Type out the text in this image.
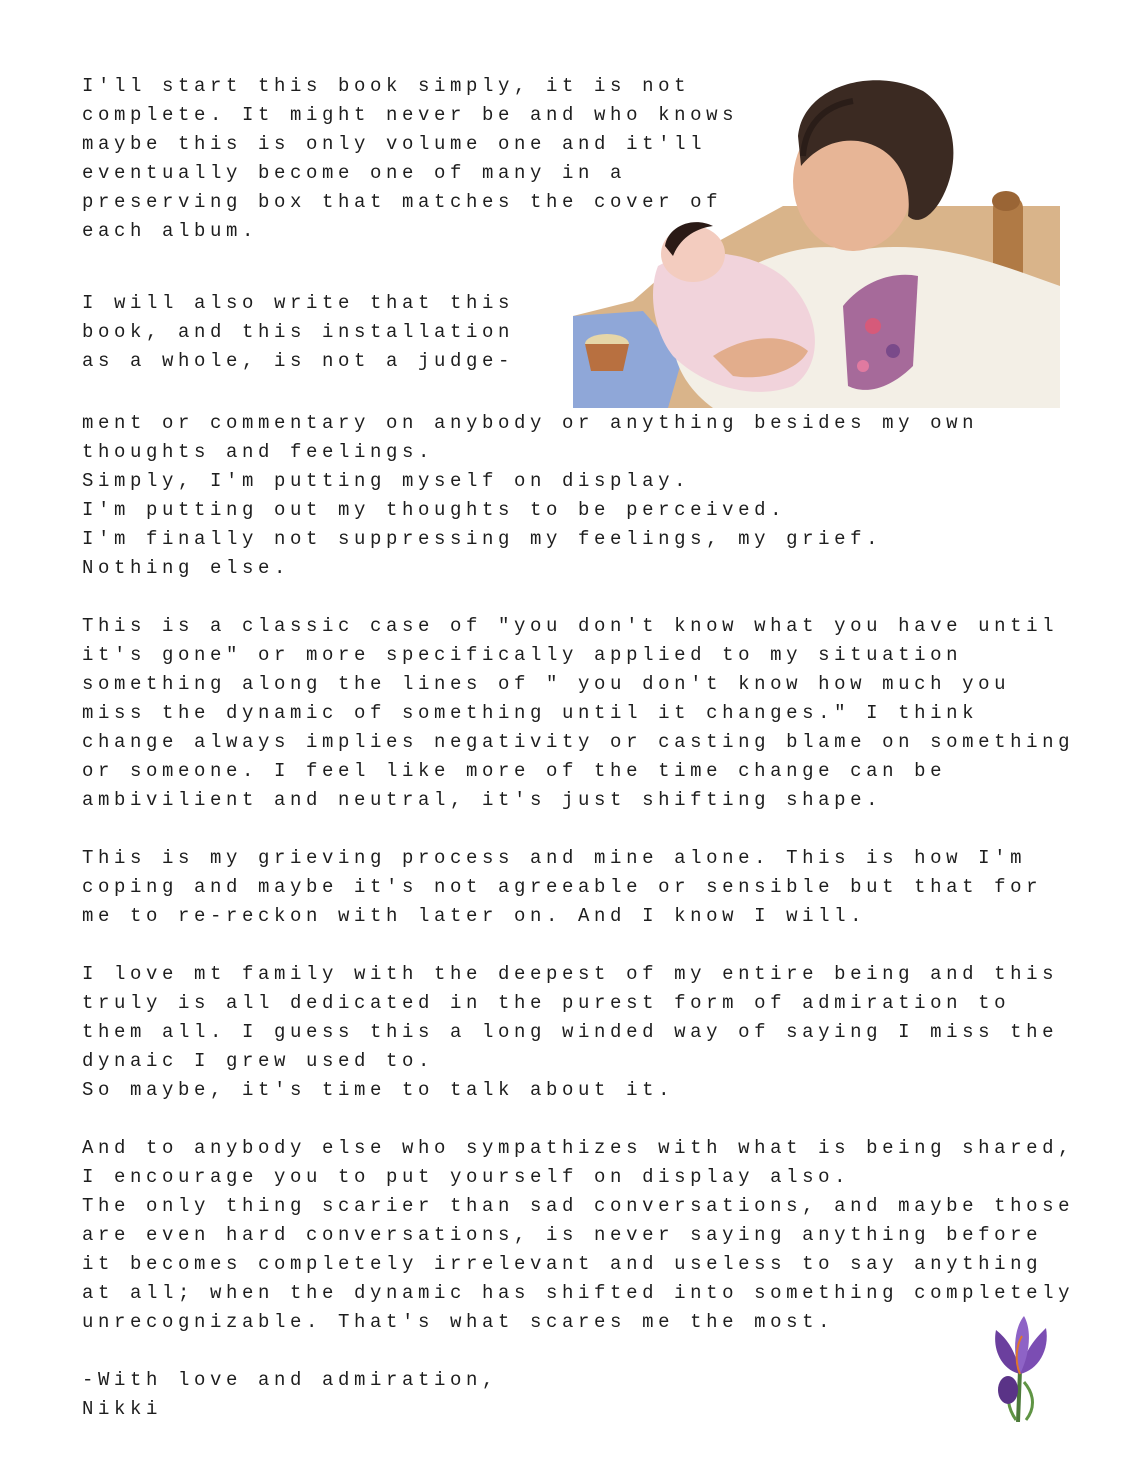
I'll start this book simply, it is not
complete. It might never be and who knows
maybe this is only volume one and it'll
eventually become one of many in a
preserving box that matches the cover of
each album.
I will also write that this
book, and this installation
as a whole, is not a judge-
ment or commentary on anybody or anything besides my own
thoughts and feelings.
Simply, I'm putting myself on display.
I'm putting out my thoughts to be perceived.
I'm finally not suppressing my feelings, my grief.
Nothing else.
This is a classic case of "you don't know what you have until
it's gone" or more specifically applied to my situation
something along the lines of " you don't know how much you
miss the dynamic of something until it changes." I think
change always implies negativity or casting blame on something
or someone. I feel like more of the time change can be
ambivilient and neutral, it's just shifting shape.
This is my grieving process and mine alone. This is how I'm
coping and maybe it's not agreeable or sensible but that for
me to re-reckon with later on. And I know I will.
I love mt family with the deepest of my entire being and this
truly is all dedicated in the purest form of admiration to
them all. I guess this a long winded way of saying I miss the
dynaic I grew used to.
So maybe, it's time to talk about it.
And to anybody else who sympathizes with what is being shared,
I encourage you to put yourself on display also.
The only thing scarier than sad conversations, and maybe those
are even hard conversations, is never saying anything before
it becomes completely irrelevant and useless to say anything
at all; when the dynamic has shifted into something completely
unrecognizable. That's what scares me the most.
-With love and admiration,
Nikki
